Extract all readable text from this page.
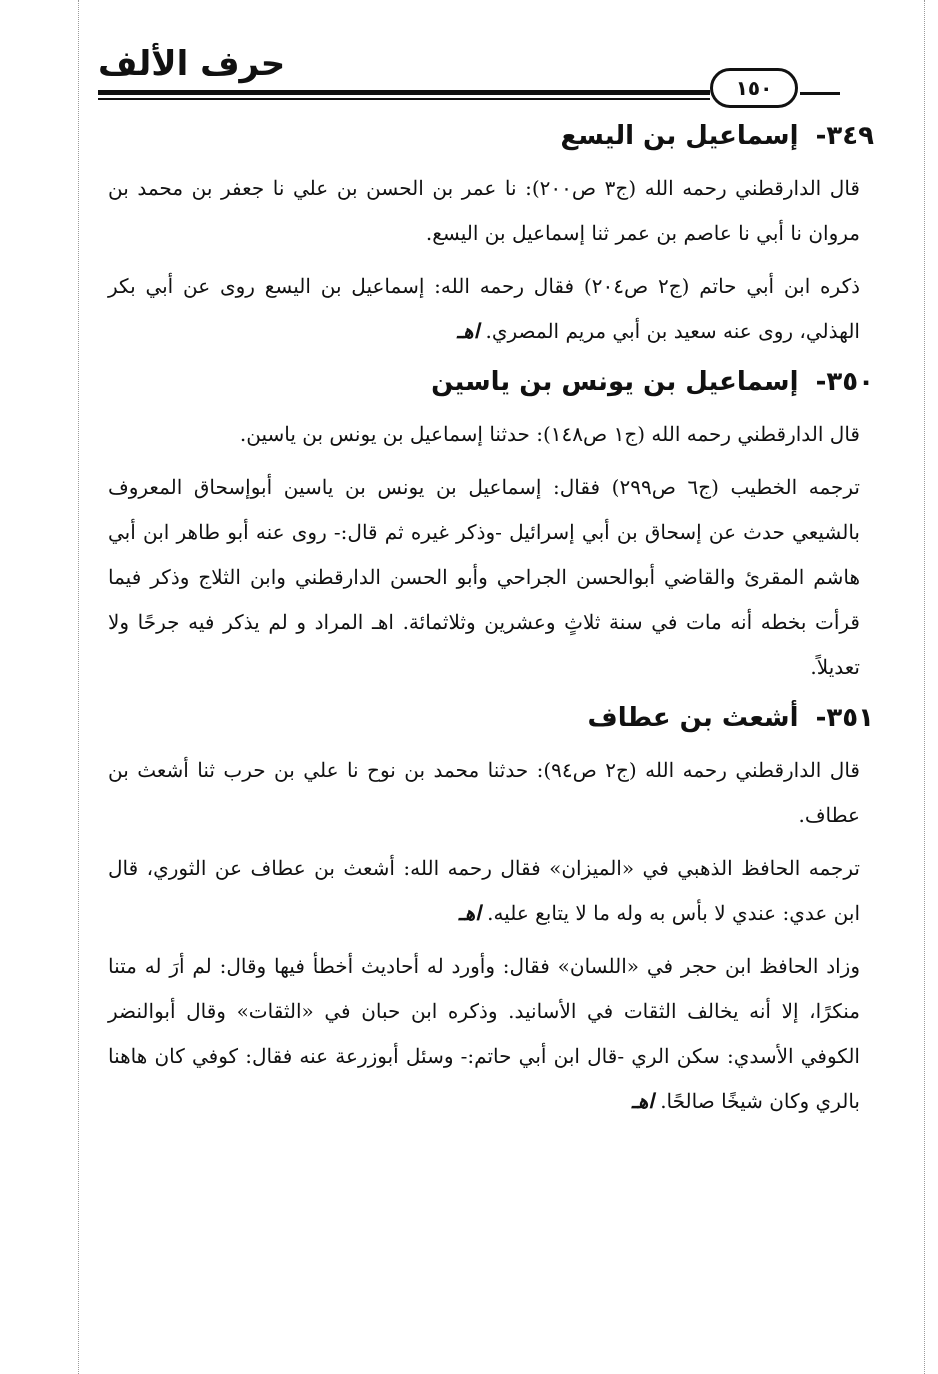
حرف الألف
١٥٠
٣٤٩- إسماعيل بن اليسع

قال الدارقطني رحمه الله (ج٣ ص٢٠٠): نا عمر بن الحسن بن علي نا جعفر بن محمد بن مروان نا أبي نا عاصم بن عمر ثنا إسماعيل بن اليسع.

ذكره ابن أبي حاتم (ج٢ ص٢٠٤) فقال رحمه الله: إسماعيل بن اليسع روى عن أبي بكر الهذلي، روى عنه سعيد بن أبي مريم المصري. اهـ

٣٥٠- إسماعيل بن يونس بن ياسين

قال الدارقطني رحمه الله (ج١ ص١٤٨): حدثنا إسماعيل بن يونس بن ياسين.

ترجمه الخطيب (ج٦ ص٢٩٩) فقال: إسماعيل بن يونس بن ياسين أبوإسحاق المعروف بالشيعي حدث عن إسحاق بن أبي إسرائيل -وذكر غيره ثم قال:- روى عنه أبو طاهر ابن أبي هاشم المقرئ والقاضي أبوالحسن الجراحي وأبو الحسن الدارقطني وابن الثلاج وذكر فيما قرأت بخطه أنه مات في سنة ثلاثٍ وعشرين وثلاثمائة. اهـ المراد و لم يذكر فيه جرحًا ولا تعديلاً.

٣٥١- أشعث بن عطاف

قال الدارقطني رحمه الله (ج٢ ص٩٤): حدثنا محمد بن نوح نا علي بن حرب ثنا أشعث بن عطاف.

ترجمه الحافظ الذهبي في «الميزان» فقال رحمه الله: أشعث بن عطاف عن الثوري، قال ابن عدي: عندي لا بأس به وله ما لا يتابع عليه. اهـ

وزاد الحافظ ابن حجر في «اللسان» فقال: وأورد له أحاديث أخطأ فيها وقال: لم أرَ له متنا منكرًا، إلا أنه يخالف الثقات في الأسانيد. وذكره ابن حبان في «الثقات» وقال أبوالنضر الكوفي الأسدي: سكن الري -قال ابن أبي حاتم:- وسئل أبوزرعة عنه فقال: كوفي كان هاهنا بالري وكان شيخًا صالحًا. اهـ
